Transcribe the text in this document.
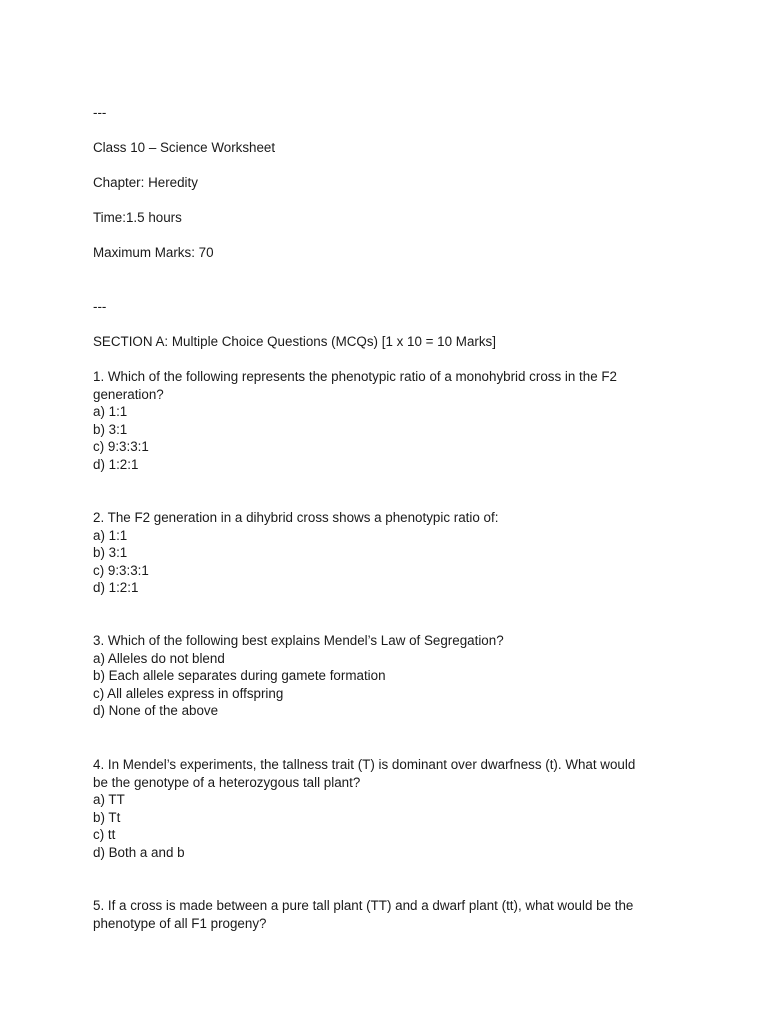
---

Class 10 – Science Worksheet

Chapter: Heredity

Time:1.5 hours

Maximum Marks: 70

---

SECTION A: Multiple Choice Questions (MCQs) [1 x 10 = 10 Marks]

1. Which of the following represents the phenotypic ratio of a monohybrid cross in the F2
generation?
a) 1:1
b) 3:1
c) 9:3:3:1
d) 1:2:1
2. The F2 generation in a dihybrid cross shows a phenotypic ratio of:
a) 1:1
b) 3:1
c) 9:3:3:1
d) 1:2:1
3. Which of the following best explains Mendel’s Law of Segregation?
a) Alleles do not blend
b) Each allele separates during gamete formation
c) All alleles express in offspring
d) None of the above
4. In Mendel’s experiments, the tallness trait (T) is dominant over dwarfness (t). What would
be the genotype of a heterozygous tall plant?
a) TT
b) Tt
c) tt
d) Both a and b
5. If a cross is made between a pure tall plant (TT) and a dwarf plant (tt), what would be the
phenotype of all F1 progeny?
